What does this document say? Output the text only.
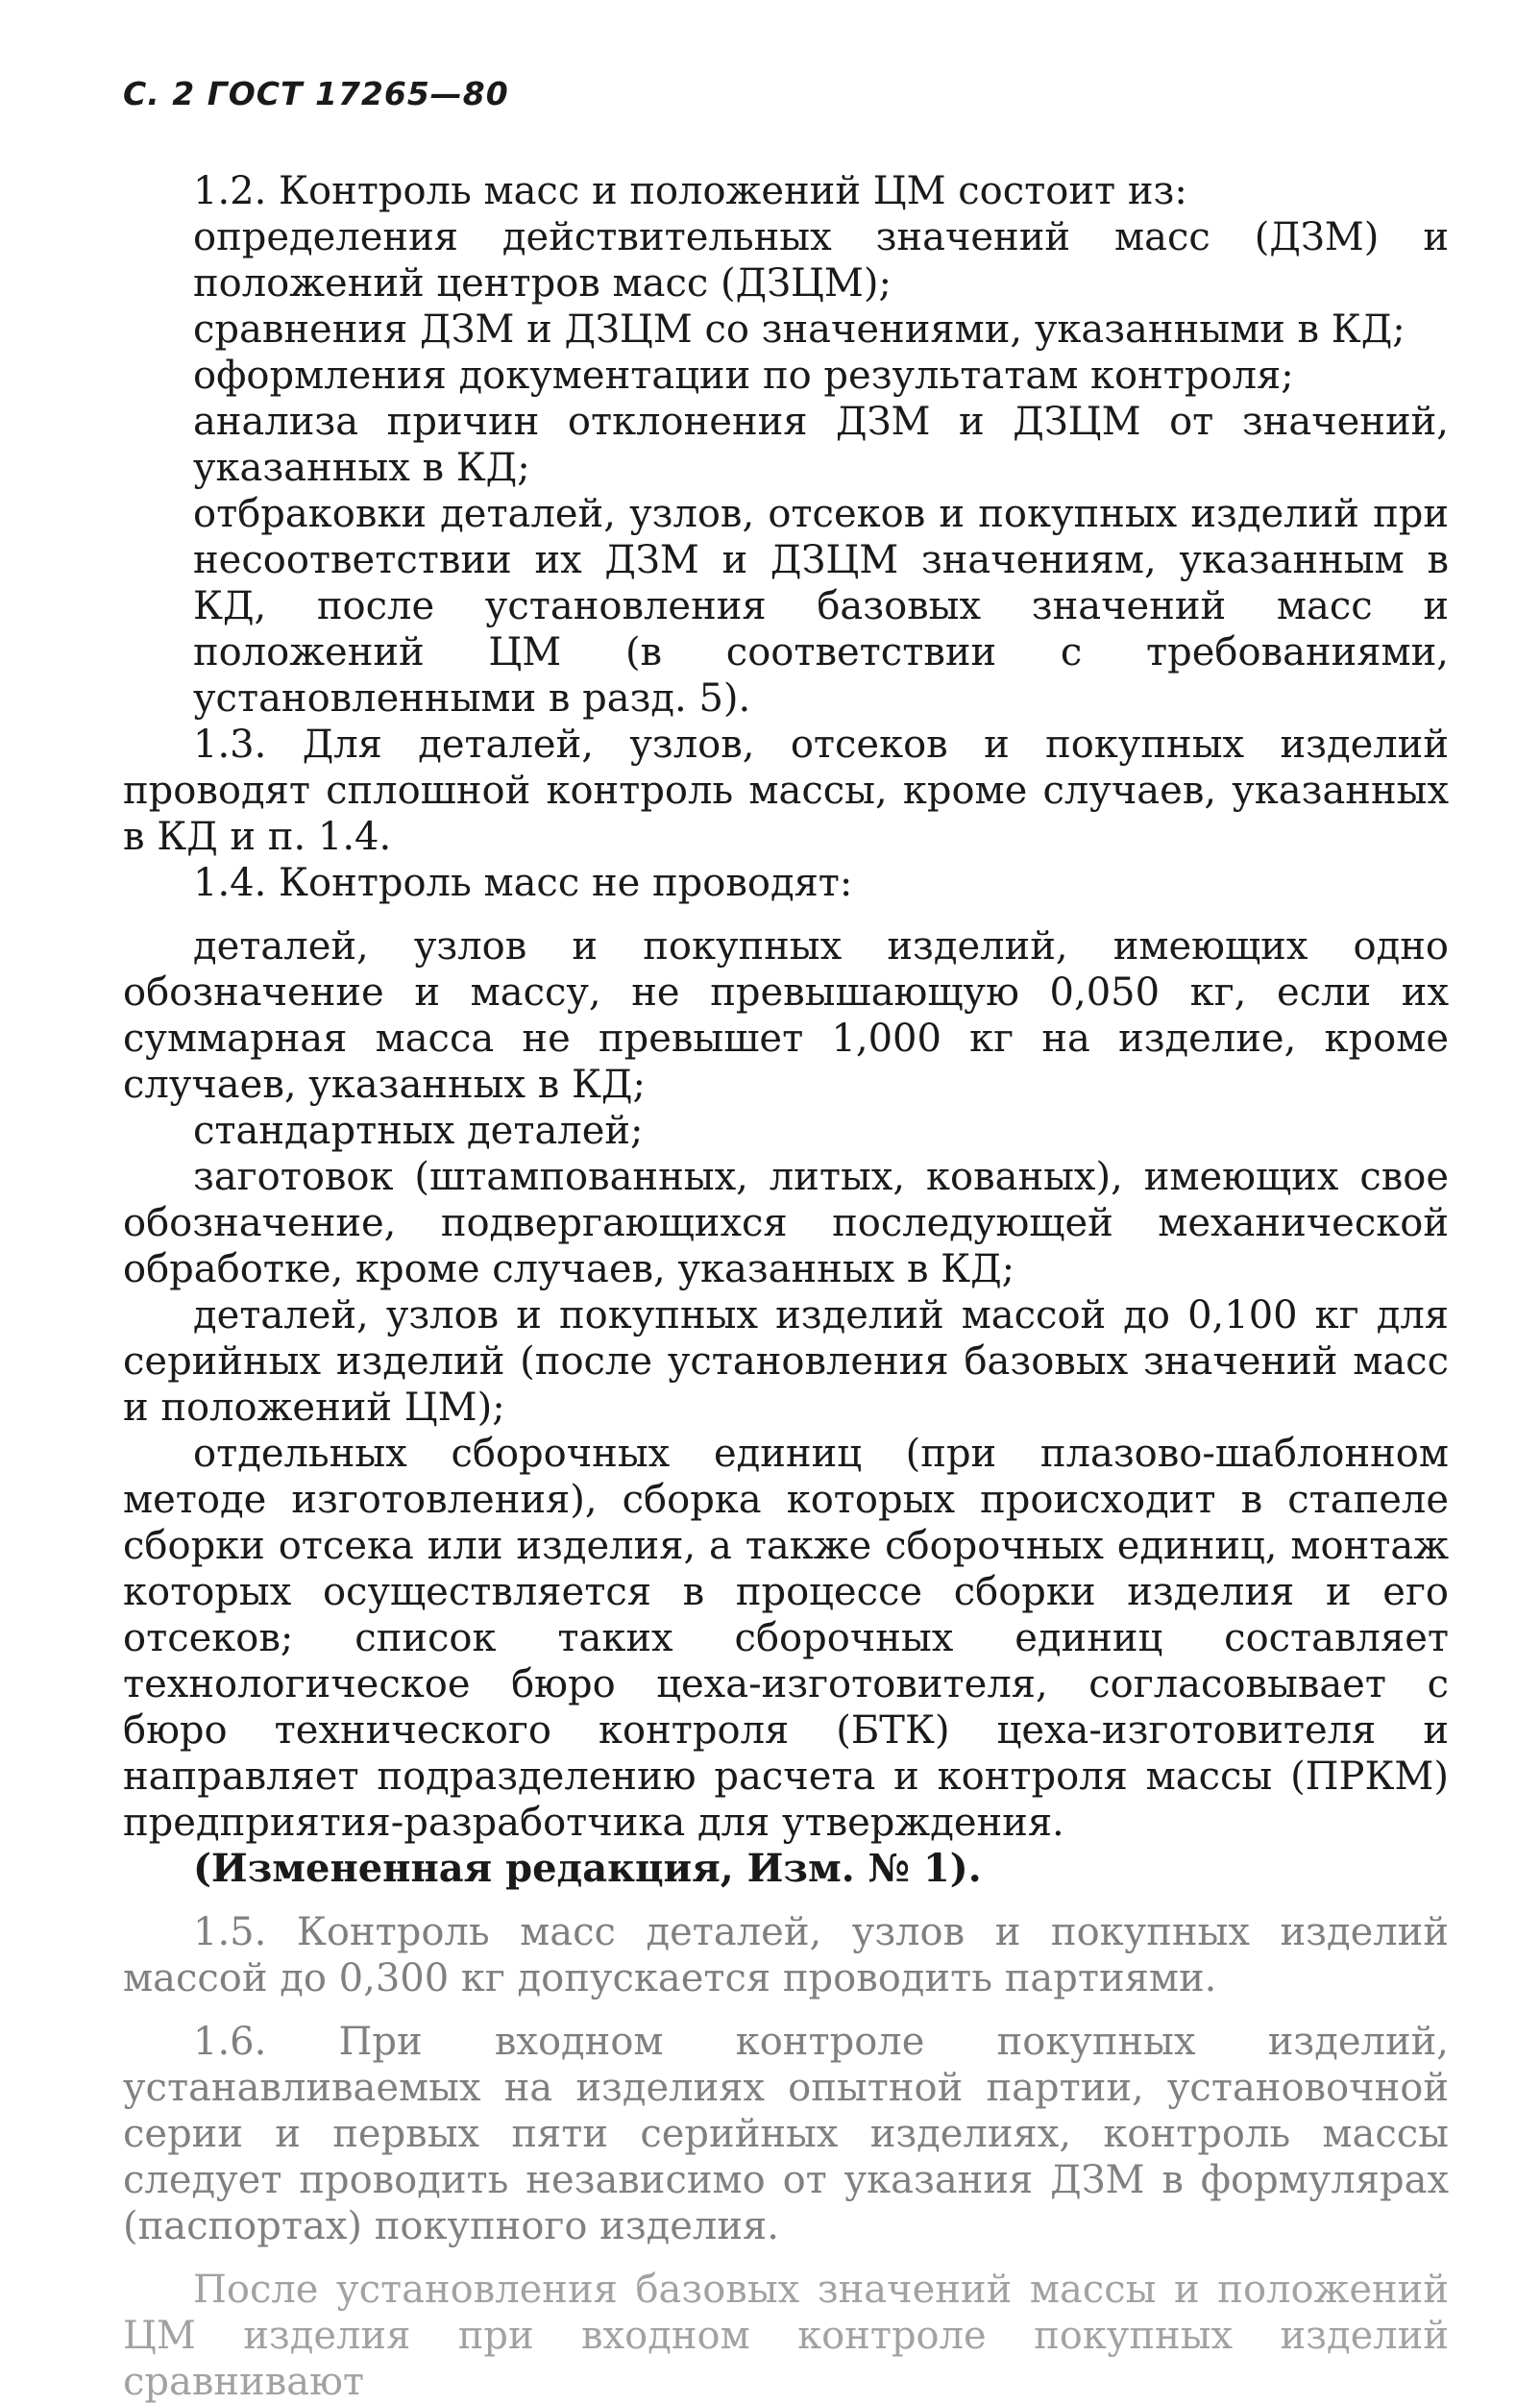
С. 2 ГОСТ 17265—80

1.2. Контроль масс и положений ЦМ состоит из:

определения действительных значений масс (ДЗМ) и положений центров масс (ДЗЦМ);

сравнения ДЗМ и ДЗЦМ со значениями, указанными в КД;

оформления документации по результатам контроля;

анализа причин отклонения ДЗМ и ДЗЦМ от значений, указанных в КД;

отбраковки деталей, узлов, отсеков и покупных изделий при несоответствии их ДЗМ и ДЗЦМ значениям, указанным в КД, после установления базовых значений масс и положений ЦМ (в соответствии с требованиями, установленными в разд. 5).

1.3. Для деталей, узлов, отсеков и покупных изделий проводят сплошной контроль массы, кроме случаев, указанных в КД и п. 1.4.

1.4. Контроль масс не проводят:

деталей, узлов и покупных изделий, имеющих одно обозначение и массу, не превышающую 0,050 кг, если их суммарная масса не превышет 1,000 кг на изделие, кроме случаев, указанных в КД;

стандартных деталей;

заготовок (штампованных, литых, кованых), имеющих свое обозначение, подвергающихся последующей механической обработке, кроме случаев, указанных в КД;

деталей, узлов и покупных изделий массой до 0,100 кг для серийных изделий (после установления базовых значений масс и положений ЦМ);

отдельных сборочных единиц (при плазово-шаблонном методе изготовления), сборка которых происходит в стапеле сборки отсека или изделия, а также сборочных единиц, монтаж которых осуществляется в процессе сборки изделия и его отсеков; список таких сборочных единиц составляет технологическое бюро цеха-изготовителя, согласовывает с бюро технического контроля (БТК) цеха-изготовителя и направляет подразделению расчета и контроля массы (ПРКМ) предприятия-разработчика для утверждения.

(Измененная редакция, Изм. № 1).

1.5. Контроль масс деталей, узлов и покупных изделий массой до 0,300 кг допускается проводить партиями.

1.6. При входном контроле покупных изделий, устанавливаемых на изделиях опытной партии, установочной серии и первых пяти серийных изделиях, контроль массы следует проводить независимо от указания ДЗМ в формулярах (паспортах) покупного изделия.

После установления базовых значений массы и положений ЦМ изделия при входном контроле покупных изделий сравнивают
